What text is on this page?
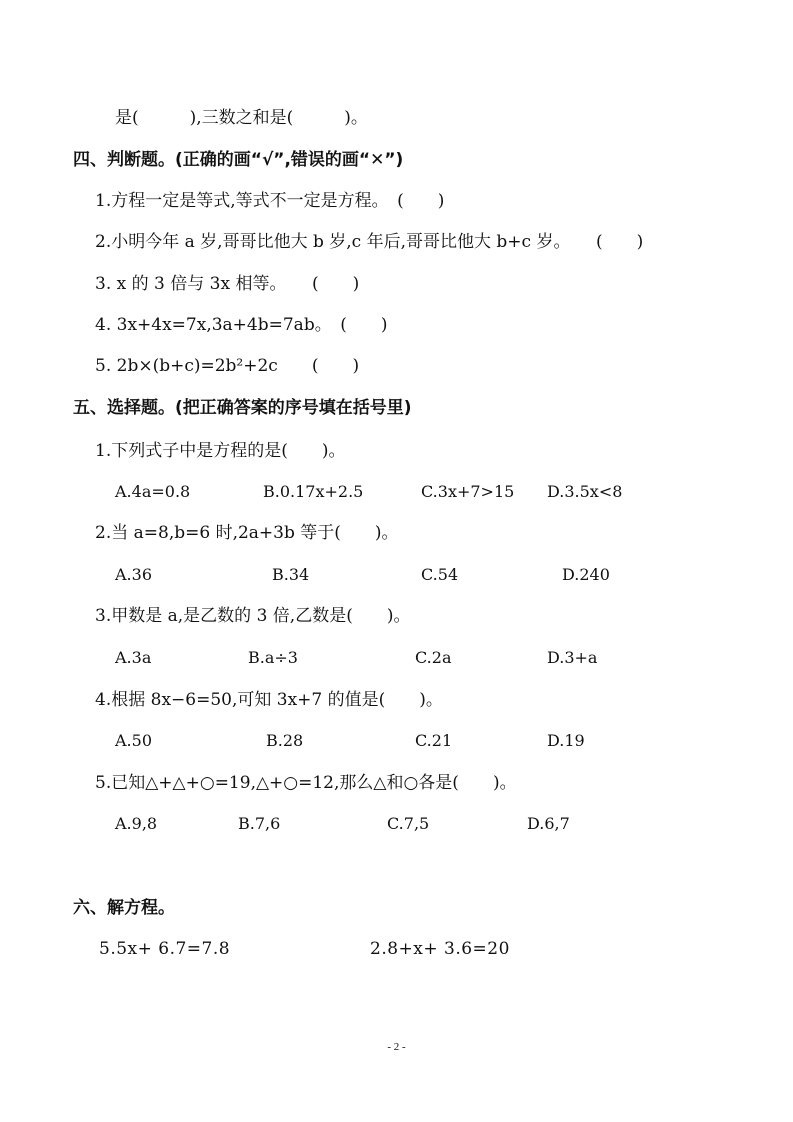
是(　　　),三数之和是(　　　)。
四、判断题。(正确的画“√”,错误的画“✕”)
1.方程一定是等式,等式不一定是方程。　(　　)
2.小明今年 a 岁,哥哥比他大 b 岁,c 年后,哥哥比他大 b+c 岁。　　(　　)
3. x 的 3 倍与 3x 相等。　　(　　)
4. 3x+4x=7x,3a+4b=7ab。　(　　)
5. 2b×(b+c)=2b²+2c　　(　　)
五、选择题。(把正确答案的序号填在括号里)
1.下列式子中是方程的是(　　)。
A.4a=0.8	B.0.17x+2.5	C.3x+7>15 D.3.5x<8
2.当 a=8,b=6 时,2a+3b 等于(　　)。
A.36	B.34	C.54	D.240
3.甲数是 a,是乙数的 3 倍,乙数是(　　)。
A.3a	B.a÷3	C.2a	D.3+a
4.根据 8x−6=50,可知 3x+7 的值是(　　)。
A.50	B.28	C.21	D.19
5.已知△+△+○=19,△+○=12,那么△和○各是(　　)。
A.9,8	B.7,6	C.7,5	D.6,7
六、解方程。
5.5x+ 6.7=7.8	2.8+x+ 3.6=20
- 2 -
